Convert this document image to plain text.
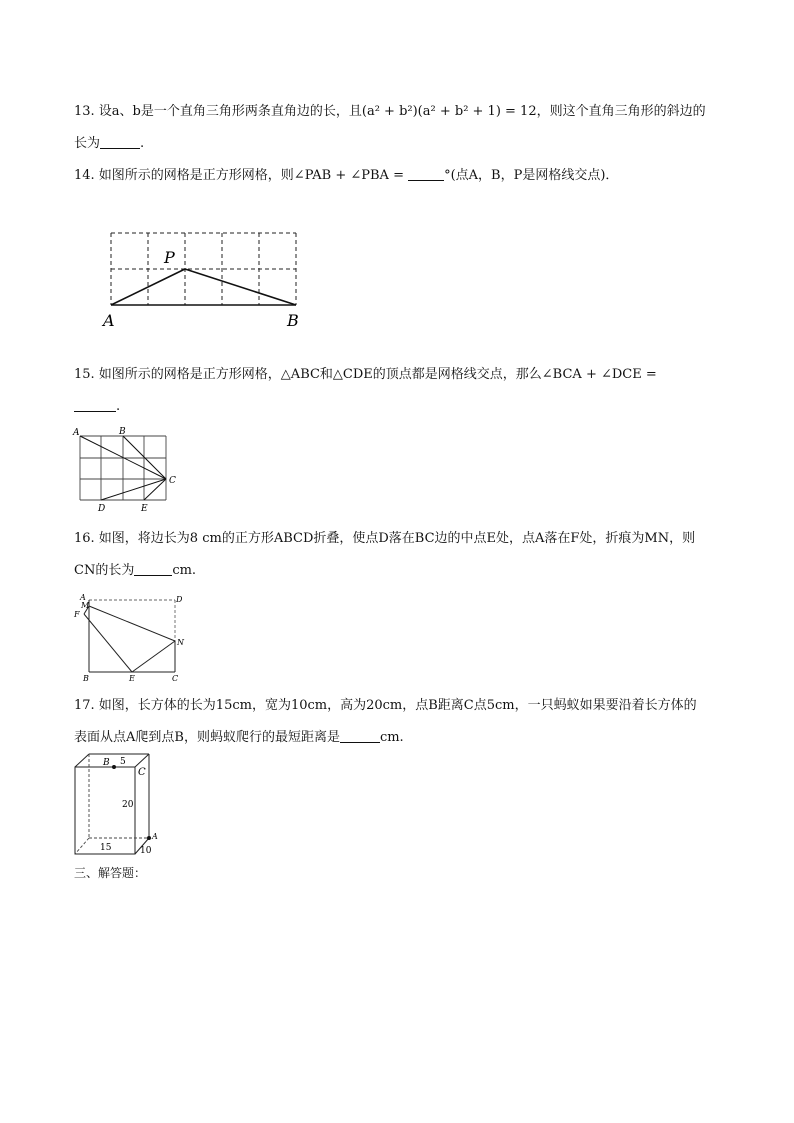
13. 设a、b是一个直角三角形两条直角边的长，且(a² + b²)(a² + b² + 1) = 12，则这个直角三角形的斜边的
长为	.
14. 如图所示的网格是正方形网格，则∠PAB + ∠PBA =	°(点A，B，P是网格线交点)．
P
A	B
15. 如图所示的网格是正方形网格，△ABC和△CDE的顶点都是网格线交点，那么∠BCA + ∠DCE =
.
A	B
C
D	E
16. 如图，将边长为8 cm的正方形ABCD折叠，使点D落在BC边的中点E处，点A落在F处，折痕为MN，则
CN的长为	cm.
A
M
F
D
N
B	E	C
17. 如图，长方体的长为15cm，宽为10cm，高为20cm，点B距离C点5cm，一只蚂蚁如果要沿着长方体的
表面从点A爬到点B，则蚂蚁爬行的最短距离是	cm.
B 5
C
20
A
15	10
三、解答题：
